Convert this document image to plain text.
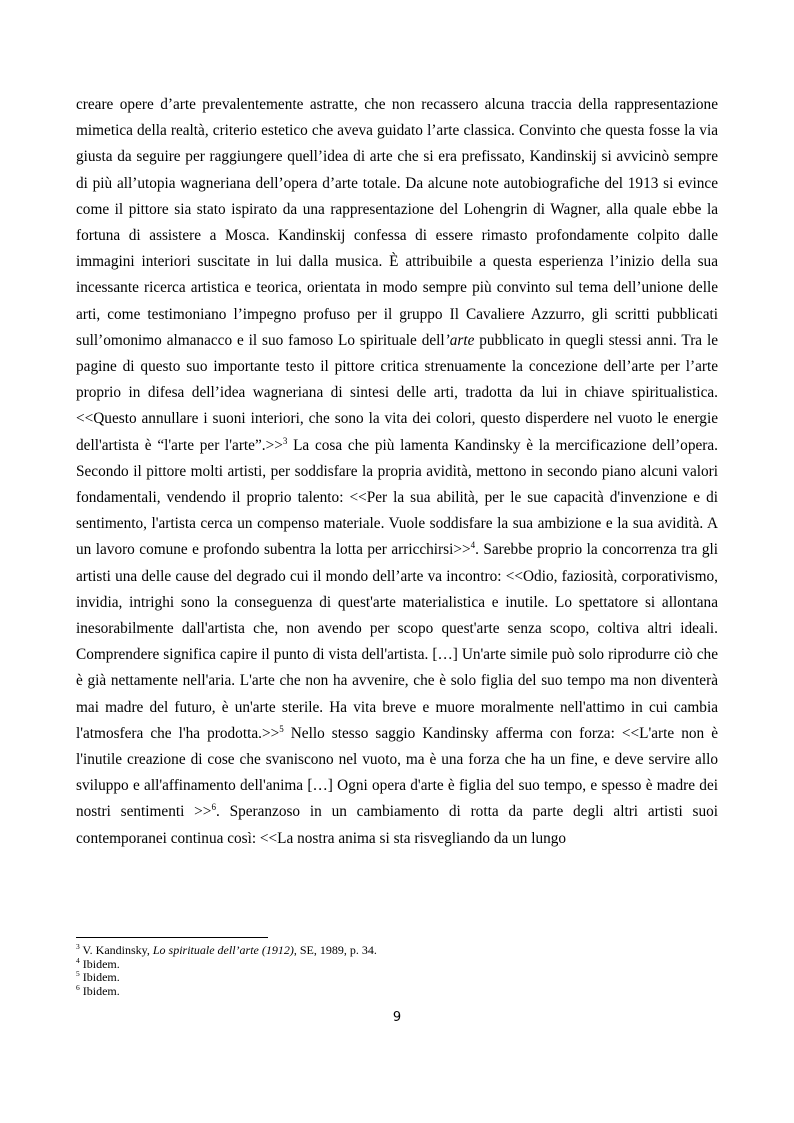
creare opere d’arte prevalentemente astratte, che non recassero alcuna traccia della rappresentazione mimetica della realtà, criterio estetico che aveva guidato l’arte classica. Convinto che questa fosse la via giusta da seguire per raggiungere quell’idea di arte che si era prefissato, Kandinskij si avvicinò sempre di più all’utopia wagneriana dell’opera d’arte totale. Da alcune note autobiografiche del 1913 si evince come il pittore sia stato ispirato da una rappresentazione del Lohengrin di Wagner, alla quale ebbe la fortuna di assistere a Mosca. Kandinskij confessa di essere rimasto profondamente colpito dalle immagini interiori suscitate in lui dalla musica. È attribuibile a questa esperienza l’inizio della sua incessante ricerca artistica e teorica, orientata in modo sempre più convinto sul tema dell’unione delle arti, come testimoniano l’impegno profuso per il gruppo Il Cavaliere Azzurro, gli scritti pubblicati sull’omonimo almanacco e il suo famoso Lo spirituale dell’arte pubblicato in quegli stessi anni. Tra le pagine di questo suo importante testo il pittore critica strenuamente la concezione dell’arte per l’arte proprio in difesa dell’idea wagneriana di sintesi delle arti, tradotta da lui in chiave spiritualistica. <<Questo annullare i suoni interiori, che sono la vita dei colori, questo disperdere nel vuoto le energie dell'artista è “l'arte per l'arte”.>>$^3$ La cosa che più lamenta Kandinsky è la mercificazione dell’opera. Secondo il pittore molti artisti, per soddisfare la propria avidità, mettono in secondo piano alcuni valori fondamentali, vendendo il proprio talento: <<Per la sua abilità, per le sue capacità d'invenzione e di sentimento, l'artista cerca un compenso materiale. Vuole soddisfare la sua ambizione e la sua avidità. A un lavoro comune e profondo subentra la lotta per arricchirsi>>$^4$. Sarebbe proprio la concorrenza tra gli artisti una delle cause del degrado cui il mondo dell’arte va incontro: <<Odio, faziosità, corporativismo, invidia, intrighi sono la conseguenza di quest'arte materialistica e inutile. Lo spettatore si allontana inesorabilmente dall'artista che, non avendo per scopo quest'arte senza scopo, coltiva altri ideali. Comprendere significa capire il punto di vista dell'artista. […] Un'arte simile può solo riprodurre ciò che è già nettamente nell'aria. L'arte che non ha avvenire, che è solo figlia del suo tempo ma non diventerà mai madre del futuro, è un'arte sterile. Ha vita breve e muore moralmente nell'attimo in cui cambia l'atmosfera che l'ha prodotta.>>$^5$ Nello stesso saggio Kandinsky afferma con forza: <<L'arte non è l'inutile creazione di cose che svaniscono nel vuoto, ma è una forza che ha un fine, e deve servire allo sviluppo e all'affinamento dell'anima […] Ogni opera d'arte è figlia del suo tempo, e spesso è madre dei nostri sentimenti >>$^6$. Speranzoso in un cambiamento di rotta da parte degli altri artisti suoi contemporanei continua così: <<La nostra anima si sta risvegliando da un lungo

$^3$ V. Kandinsky, Lo spirituale dell’arte (1912), SE, 1989, p. 34.
$^4$ Ibidem.
$^5$ Ibidem.
$^6$ Ibidem.
9
